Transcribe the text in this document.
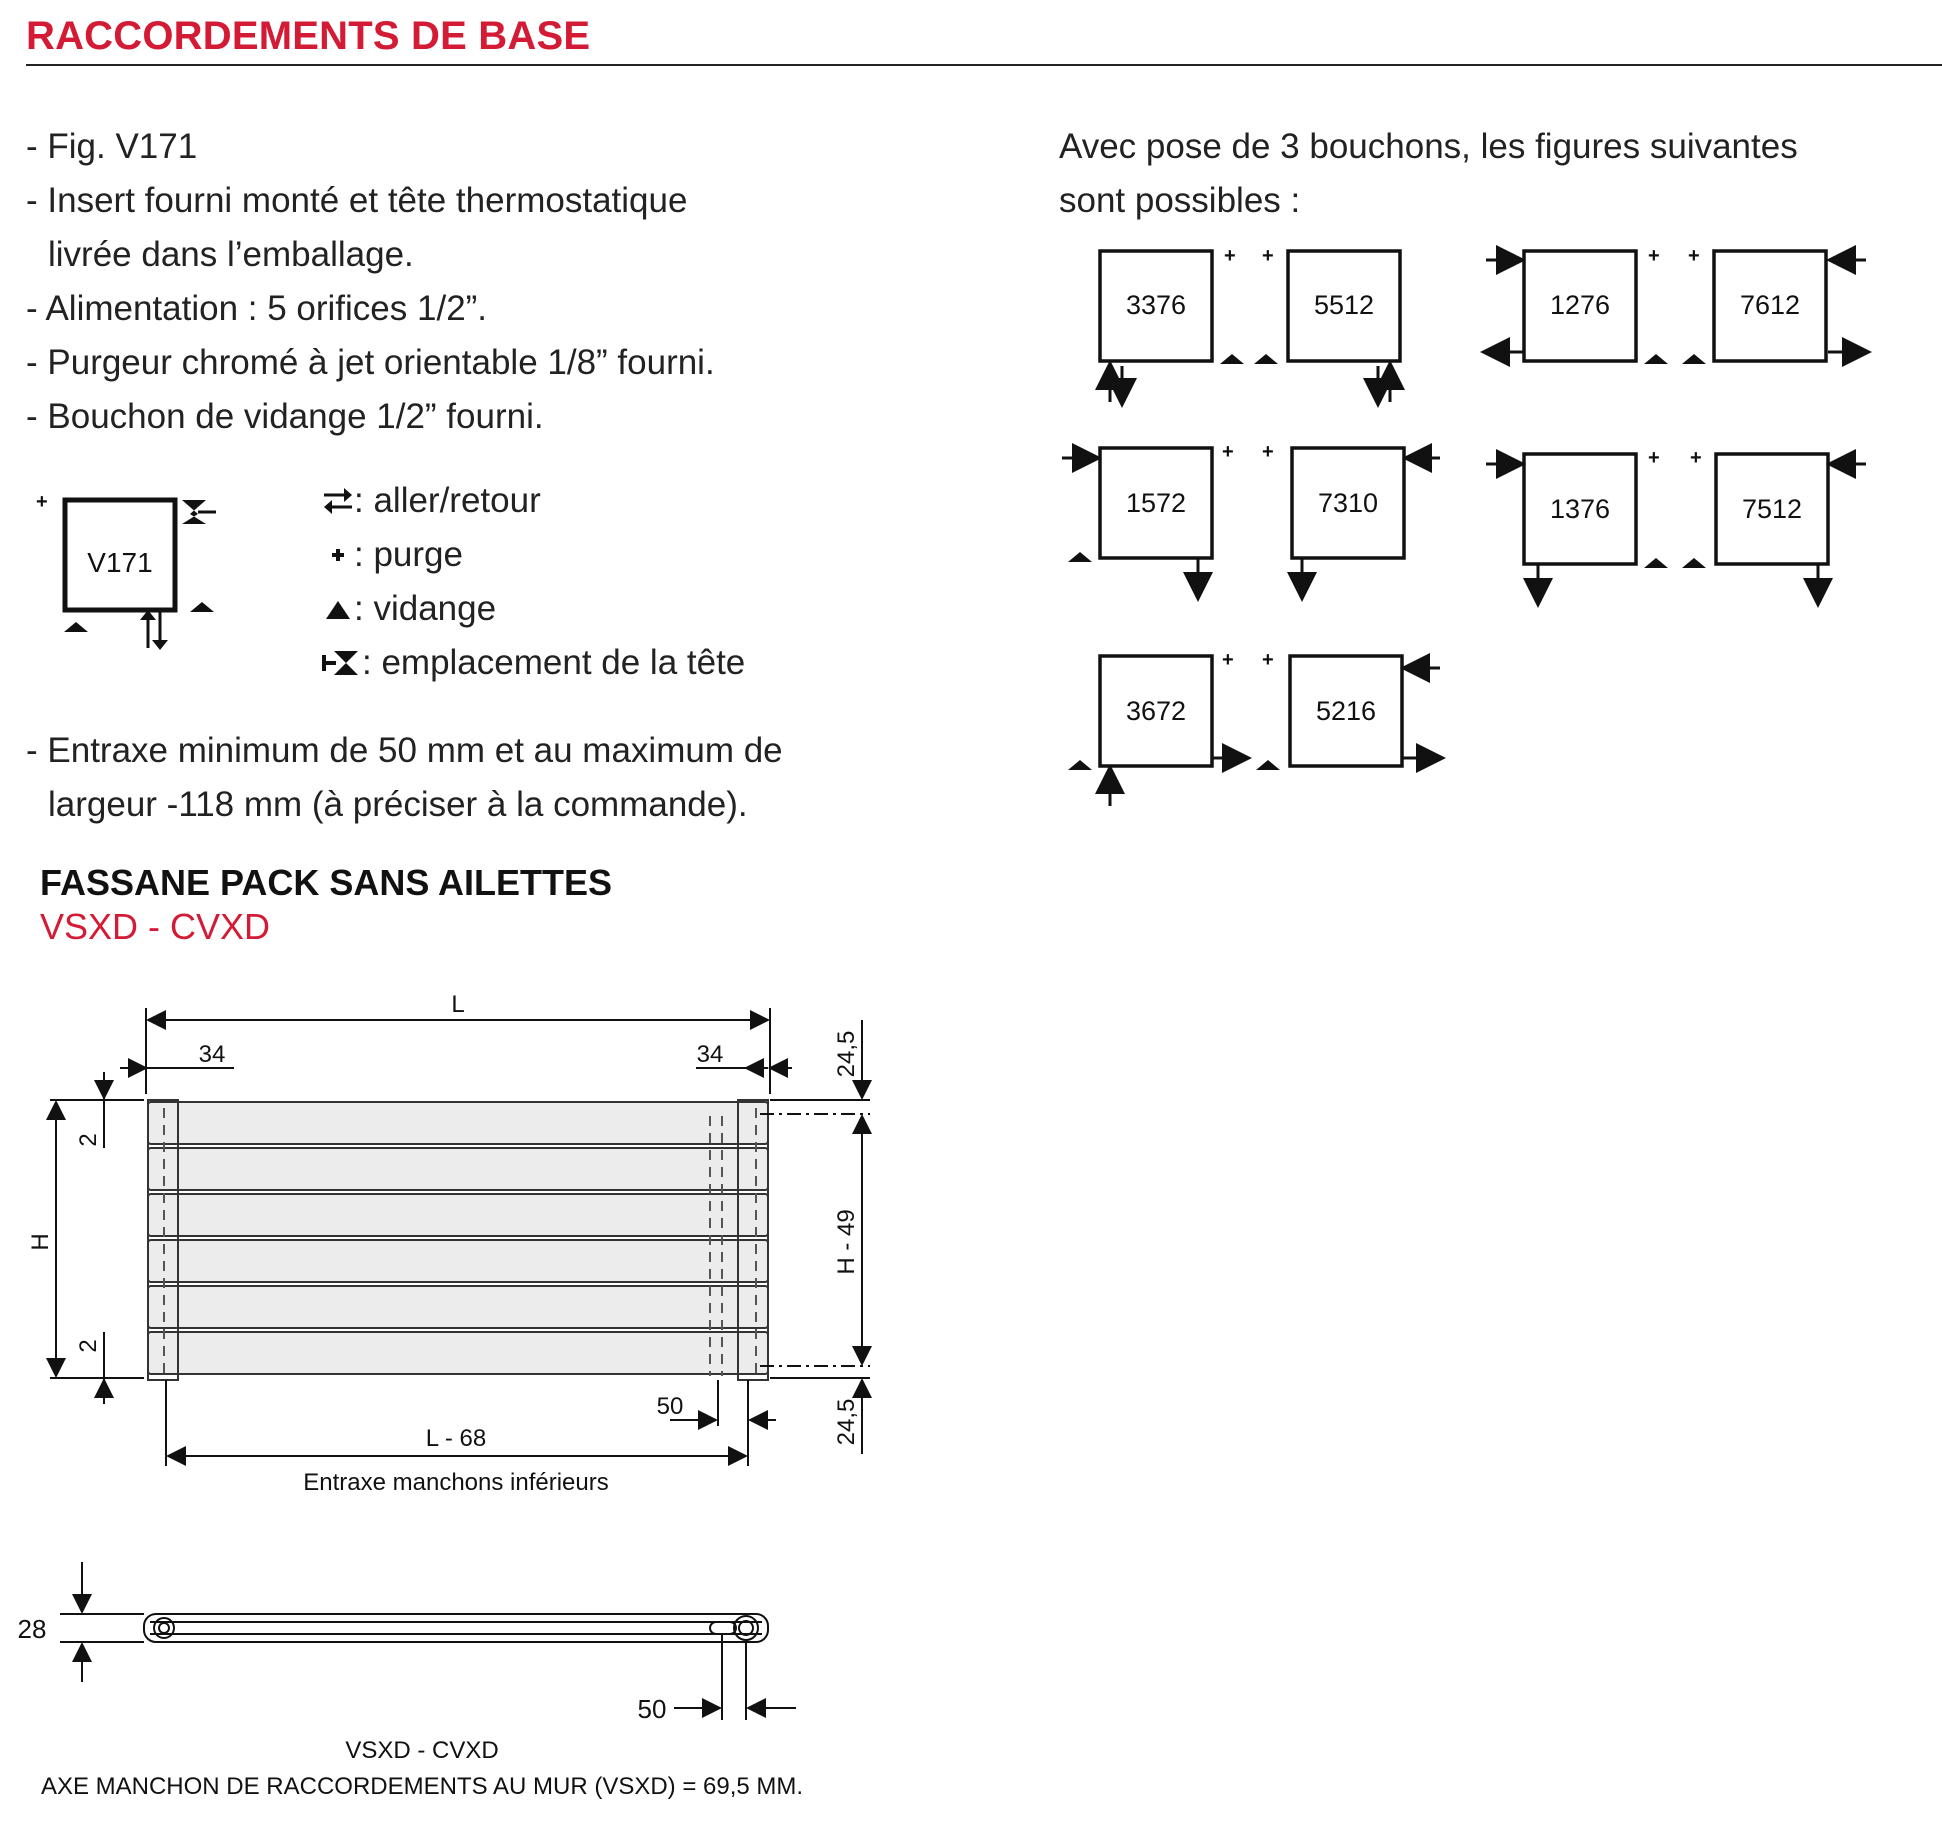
RACCORDEMENTS DE BASE
- Fig. V171
- Insert fourni monté et tête thermostatique
livrée dans l’emballage.
- Alimentation : 5 orifices 1/2”.
- Purgeur chromé à jet orientable 1/8” fourni.
- Bouchon de vidange 1/2” fourni.
V171
+	: aller/retour
: purge
: vidange
: emplacement de la tête
- Entraxe minimum de 50 mm et au maximum de
largeur -118 mm (à préciser à la commande).
FASSANE PACK SANS AILETTES
VSXD - CVXD
Avec pose de 3 bouchons, les figures suivantes
sont possibles :
3376	5512	1276	7612
1572	7310	1376	7512
3672	5216
+ +	+ +
+ +	+ +
+ +
L
34	34
H
2
2
24,5
H - 49
24,5
50
L - 68
Entraxe manchons inférieurs
28
50
VSXD - CVXD
AXE MANCHON DE RACCORDEMENTS AU MUR (VSXD) = 69,5 MM.
